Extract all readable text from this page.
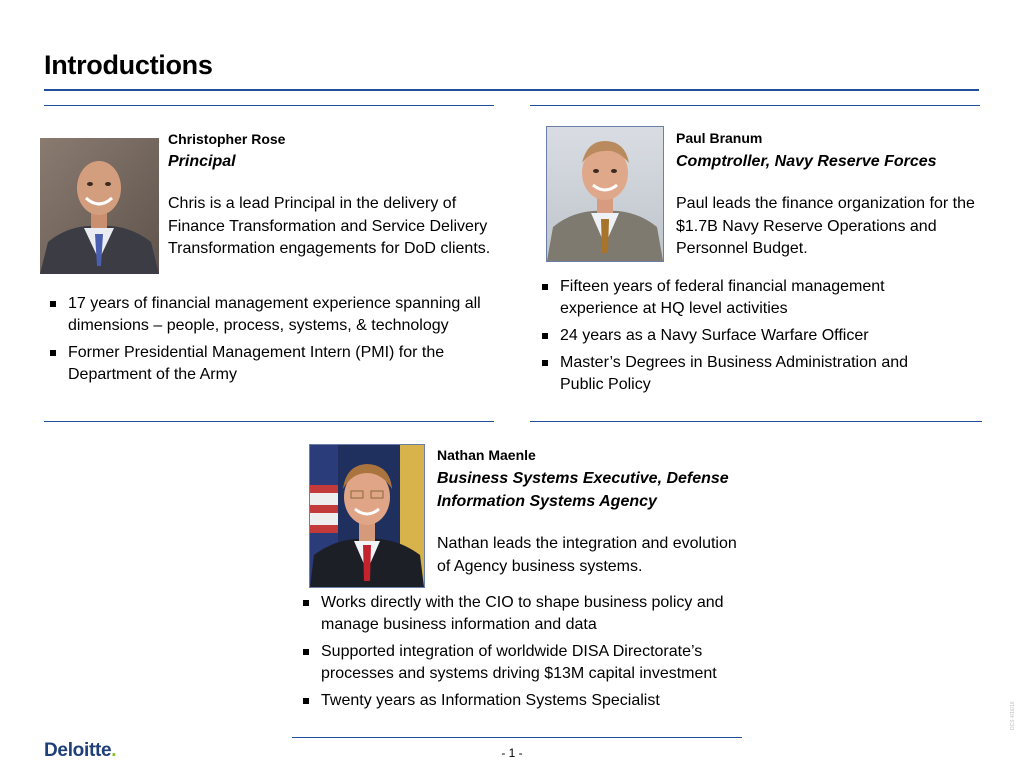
Introductions
Christopher Rose
Principal
Chris is a lead Principal in the delivery of Finance Transformation and Service Delivery Transformation engagements for DoD clients.
17 years of financial management experience spanning all dimensions – people, process, systems, & technology
Former Presidential Management Intern (PMI) for the Department of the Army
Paul Branum
Comptroller, Navy Reserve Forces
Paul leads the finance organization for the $1.7B Navy Reserve Operations and Personnel Budget.
Fifteen years of federal financial management experience at HQ level activities
24 years as a Navy Surface Warfare Officer
Master’s Degrees in Business Administration and Public Policy
Nathan Maenle
Business Systems Executive, Defense Information Systems Agency
Nathan leads the integration and evolution of Agency business systems.
Works directly with the CIO to shape business policy and manage business information and data
Supported integration of worldwide DISA Directorate’s processes and systems driving $13M capital investment
Twenty years as Information Systems Specialist
Deloitte.	- 1 -
DCS 4/16/16
